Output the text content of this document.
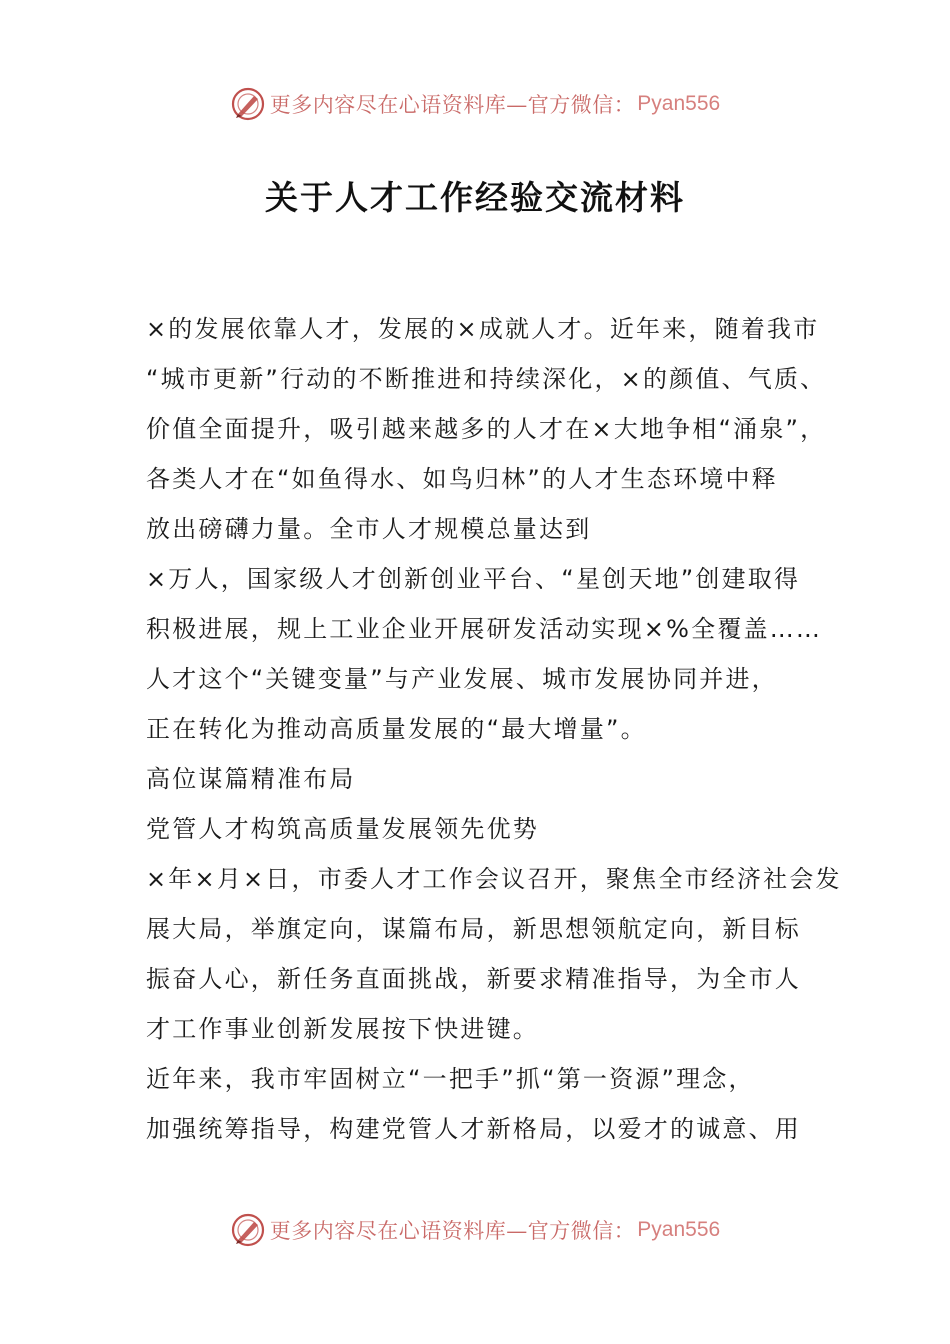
更多内容尽在心语资料库—官方微信： Pyan556
关于人才工作经验交流材料

×的发展依靠人才，发展的×成就人才。近年来，随着我市

“城市更新”行动的不断推进和持续深化，×的颜值、气质、

价值全面提升，吸引越来越多的人才在×大地争相“涌泉”，

各类人才在“如鱼得水、如鸟归林”的人才生态环境中释

放出磅礴力量。全市人才规模总量达到

×万人，国家级人才创新创业平台、“星创天地”创建取得

积极进展，规上工业企业开展研发活动实现×%全覆盖……

人才这个“关键变量”与产业发展、城市发展协同并进，

正在转化为推动高质量发展的“最大增量”。

高位谋篇精准布局

党管人才构筑高质量发展领先优势

×年×月×日，市委人才工作会议召开，聚焦全市经济社会发

展大局，举旗定向，谋篇布局，新思想领航定向，新目标

振奋人心，新任务直面挑战，新要求精准指导，为全市人

才工作事业创新发展按下快进键。

近年来，我市牢固树立“一把手”抓“第一资源”理念，

加强统筹指导，构建党管人才新格局，以爱才的诚意、用

更多内容尽在心语资料库—官方微信： Pyan556
